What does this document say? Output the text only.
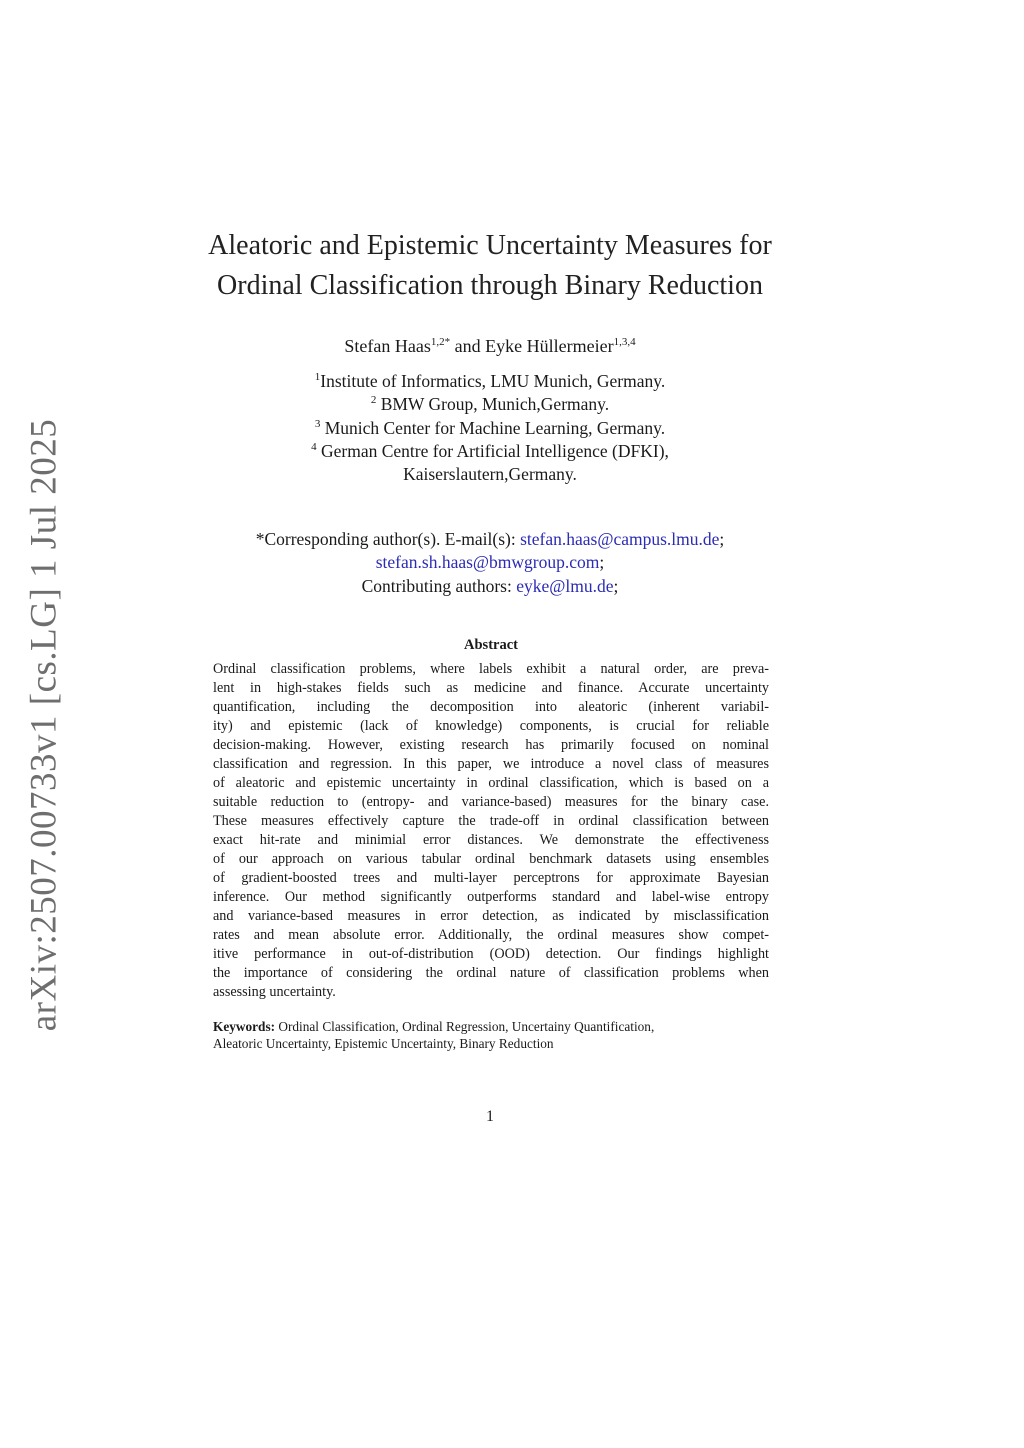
arXiv:2507.00733v1 [cs.LG] 1 Jul 2025
Aleatoric and Epistemic Uncertainty Measures for
Ordinal Classification through Binary Reduction
Stefan Haas$^{1,2*}$ and Eyke Hüllermeier$^{1,3,4}$
$^1$Institute of Informatics, LMU Munich, Germany.
$^2$ BMW Group, Munich,Germany.
$^3$ Munich Center for Machine Learning, Germany.
$^4$ German Centre for Artificial Intelligence (DFKI),
Kaiserslautern,Germany.
*Corresponding author(s). E-mail(s): stefan.haas@campus.lmu.de;
stefan.sh.haas@bmwgroup.com;
Contributing authors: eyke@lmu.de;
Abstract
Ordinal classification problems, where labels exhibit a natural order, are preva-
lent in high-stakes fields such as medicine and finance. Accurate uncertainty
quantification, including the decomposition into aleatoric (inherent variabil-
ity) and epistemic (lack of knowledge) components, is crucial for reliable
decision-making. However, existing research has primarily focused on nominal
classification and regression. In this paper, we introduce a novel class of measures
of aleatoric and epistemic uncertainty in ordinal classification, which is based on a
suitable reduction to (entropy- and variance-based) measures for the binary case.
These measures effectively capture the trade-off in ordinal classification between
exact hit-rate and minimial error distances. We demonstrate the effectiveness
of our approach on various tabular ordinal benchmark datasets using ensembles
of gradient-boosted trees and multi-layer perceptrons for approximate Bayesian
inference. Our method significantly outperforms standard and label-wise entropy
and variance-based measures in error detection, as indicated by misclassification
rates and mean absolute error. Additionally, the ordinal measures show compet-
itive performance in out-of-distribution (OOD) detection. Our findings highlight
the importance of considering the ordinal nature of classification problems when
assessing uncertainty.
Keywords: Ordinal Classification, Ordinal Regression, Uncertainy Quantification,
Aleatoric Uncertainty, Epistemic Uncertainty, Binary Reduction
1
